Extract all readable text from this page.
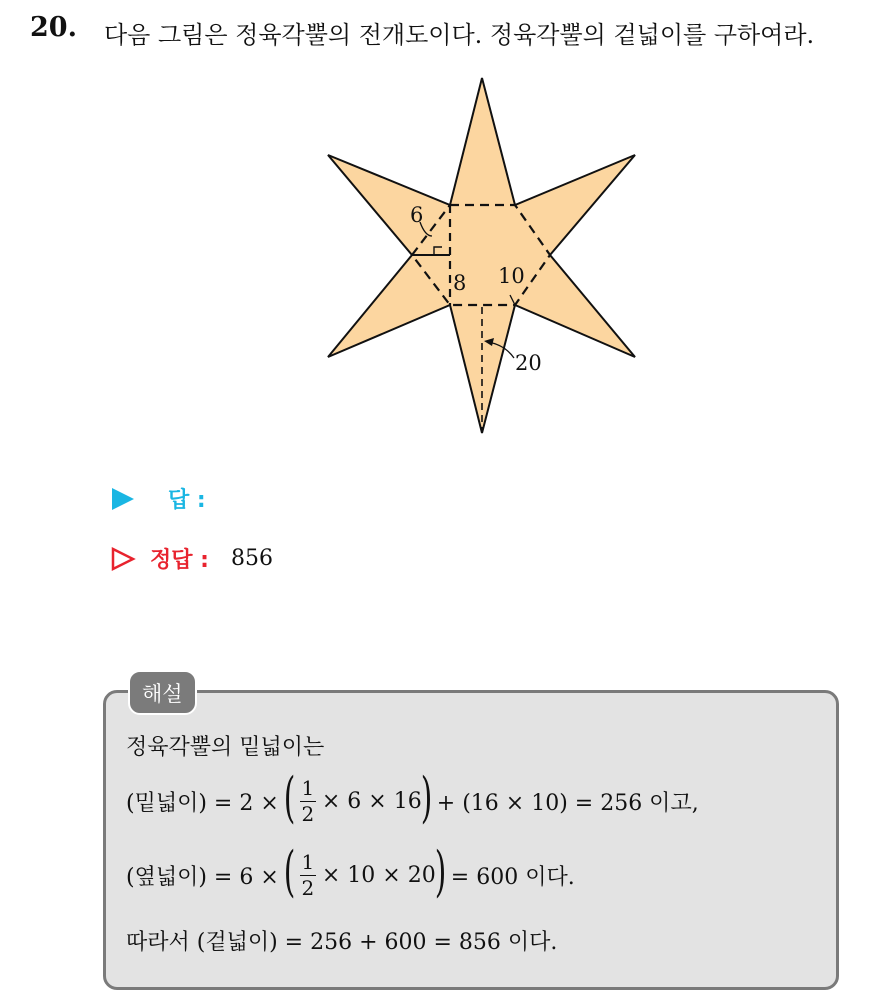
20. 다음 그림은 정육각뿔의 전개도이다. 정육각뿔의 겉넓이를 구하여라.
6
8 10
20
답 :
정답 : 856
해설
정육각뿔의 밑넓이는
(밑넓이) = 2 × ( $\frac{1}{2} \times 6 \times 16$
) + (16 × 10) = 256 이고,
(옆넓이) = 6 × ( $\frac{1}{2} \times 10 \times 20$
) = 600 이다.
따라서 (겉넓이) = 256 + 600 = 856 이다.
